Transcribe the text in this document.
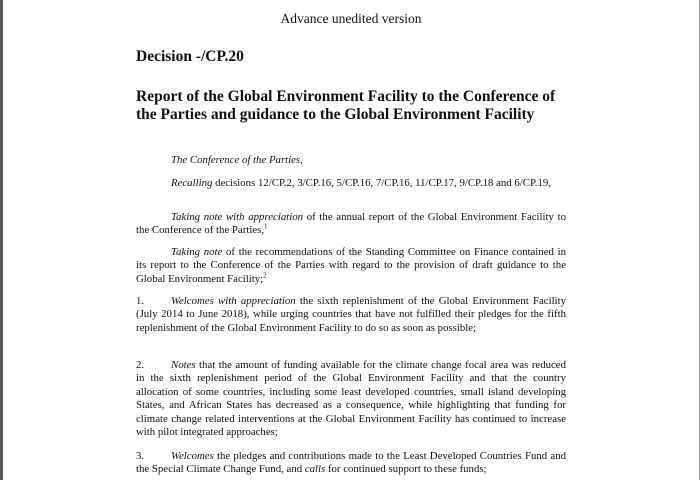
Advance unedited version
Decision -/CP.20
Report of the Global Environment Facility to the Conference of the Parties and guidance to the Global Environment Facility

The Conference of the Parties,

Recalling decisions 12/CP.2, 3/CP.16, 5/CP.16, 7/CP.16, 11/CP.17, 9/CP.18 and 6/CP.19,

Taking note with appreciation of the annual report of the Global Environment Facility to the Conference of the Parties,$^1$

Taking note of the recommendations of the Standing Committee on Finance contained in its report to the Conference of the Parties with regard to the provision of draft guidance to the Global Environment Facility;$^2$

1. Welcomes with appreciation the sixth replenishment of the Global Environment Facility (July 2014 to June 2018), while urging countries that have not fulfilled their pledges for the fifth replenishment of the Global Environment Facility to do so as soon as possible;

2. Notes that the amount of funding available for the climate change focal area was reduced in the sixth replenishment period of the Global Environment Facility and that the country allocation of some countries, including some least developed countries, small island developing States, and African States has decreased as a consequence, while highlighting that funding for climate change related interventions at the Global Environment Facility has continued to increase with pilot integrated approaches;

3. Welcomes the pledges and contributions made to the Least Developed Countries Fund and the Special Climate Change Fund, and calls for continued support to these funds;
